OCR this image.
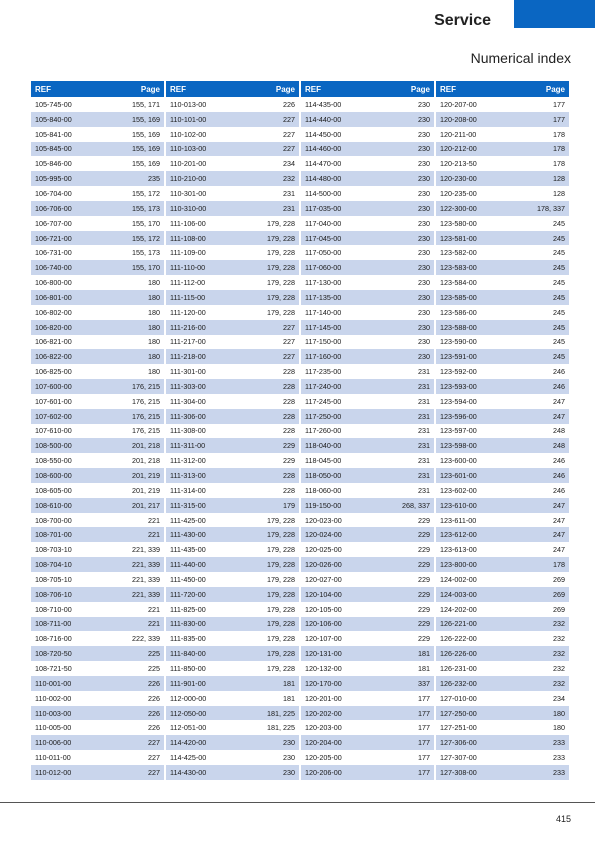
Service
Numerical index
REF	Page
105-745-00	155, 171
105-840-00	155, 169
105-841-00	155, 169
105-845-00	155, 169
105-846-00	155, 169
105-995-00	235
106-704-00	155, 172
106-706-00	155, 173
106-707-00	155, 170
106-721-00	155, 172
106-731-00	155, 173
106-740-00	155, 170
106-800-00	180
106-801-00	180
106-802-00	180
106-820-00	180
106-821-00	180
106-822-00	180
106-825-00	180
107-600-00	176, 215
107-601-00	176, 215
107-602-00	176, 215
107-610-00	176, 215
108-500-00	201, 218
108-550-00	201, 218
108-600-00	201, 219
108-605-00	201, 219
108-610-00	201, 217
108-700-00	221
108-701-00	221
108-703-10	221, 339
108-704-10	221, 339
108-705-10	221, 339
108-706-10	221, 339
108-710-00	221
108-711-00	221
108-716-00	222, 339
108-720-50	225
108-721-50	225
110-001-00	226
110-002-00	226
110-003-00	226
110-005-00	226
110-006-00	227
110-011-00	227
110-012-00	227
REF	Page
110-013-00	226
110-101-00	227
110-102-00	227
110-103-00	227
110-201-00	234
110-210-00	232
110-301-00	231
110-310-00	231
111-106-00	179, 228
111-108-00	179, 228
111-109-00	179, 228
111-110-00	179, 228
111-112-00	179, 228
111-115-00	179, 228
111-120-00	179, 228
111-216-00	227
111-217-00	227
111-218-00	227
111-301-00	228
111-303-00	228
111-304-00	228
111-306-00	228
111-308-00	228
111-311-00	229
111-312-00	229
111-313-00	228
111-314-00	228
111-315-00	179
111-425-00	179, 228
111-430-00	179, 228
111-435-00	179, 228
111-440-00	179, 228
111-450-00	179, 228
111-720-00	179, 228
111-825-00	179, 228
111-830-00	179, 228
111-835-00	179, 228
111-840-00	179, 228
111-850-00	179, 228
111-901-00	181
112-000-00	181
112-050-00	181, 225
112-051-00	181, 225
114-420-00	230
114-425-00	230
114-430-00	230
REF	Page
114-435-00	230
114-440-00	230
114-450-00	230
114-460-00	230
114-470-00	230
114-480-00	230
114-500-00	230
117-035-00	230
117-040-00	230
117-045-00	230
117-050-00	230
117-060-00	230
117-130-00	230
117-135-00	230
117-140-00	230
117-145-00	230
117-150-00	230
117-160-00	230
117-235-00	231
117-240-00	231
117-245-00	231
117-250-00	231
117-260-00	231
118-040-00	231
118-045-00	231
118-050-00	231
118-060-00	231
119-150-00	268, 337
120-023-00	229
120-024-00	229
120-025-00	229
120-026-00	229
120-027-00	229
120-104-00	229
120-105-00	229
120-106-00	229
120-107-00	229
120-131-00	181
120-132-00	181
120-170-00	337
120-201-00	177
120-202-00	177
120-203-00	177
120-204-00	177
120-205-00	177
120-206-00	177
REF	Page
120-207-00	177
120-208-00	177
120-211-00	178
120-212-00	178
120-213-50	178
120-230-00	128
120-235-00	128
122-300-00	178, 337
123-580-00	245
123-581-00	245
123-582-00	245
123-583-00	245
123-584-00	245
123-585-00	245
123-586-00	245
123-588-00	245
123-590-00	245
123-591-00	245
123-592-00	246
123-593-00	246
123-594-00	247
123-596-00	247
123-597-00	248
123-598-00	248
123-600-00	246
123-601-00	246
123-602-00	246
123-610-00	247
123-611-00	247
123-612-00	247
123-613-00	247
123-800-00	178
124-002-00	269
124-003-00	269
124-202-00	269
126-221-00	232
126-222-00	232
126-226-00	232
126-231-00	232
126-232-00	232
127-010-00	234
127-250-00	180
127-251-00	180
127-306-00	233
127-307-00	233
127-308-00	233
415
